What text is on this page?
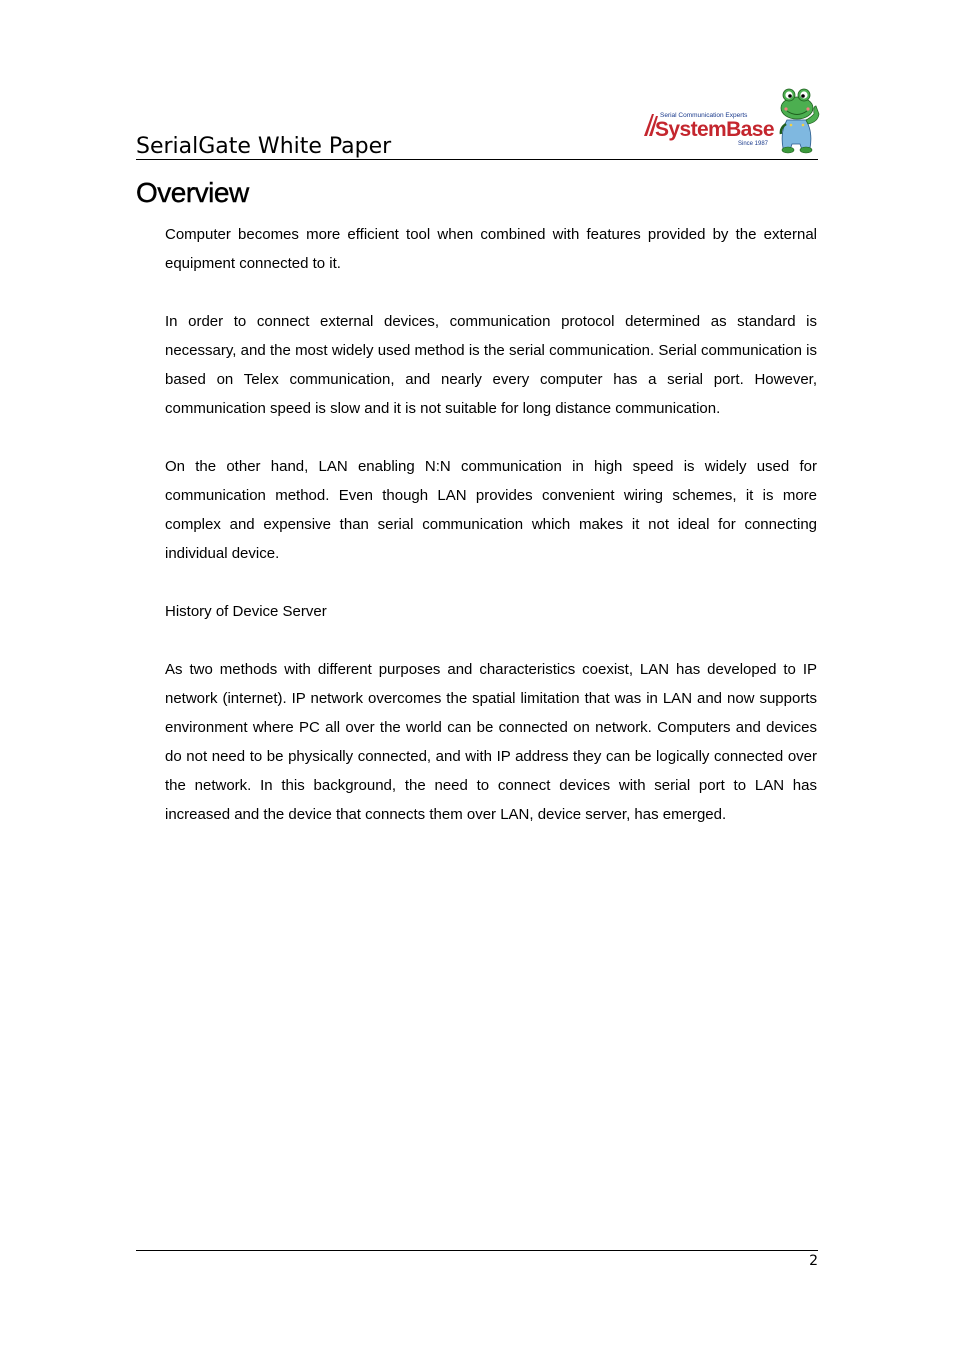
SerialGate White Paper
Serial Communication Experts
SystemBase
Since 1987
Overview

Computer becomes more efficient tool when combined with features provided by the external equipment connected to it.

In order to connect external devices, communication protocol determined as standard is necessary, and the most widely used method is the serial communication. Serial communication is based on Telex communication, and nearly every computer has a serial port. However, communication speed is slow and it is not suitable for long distance communication.

On the other hand, LAN enabling N:N communication in high speed is widely used for communication method. Even though LAN provides convenient wiring schemes, it is more complex and expensive than serial communication which makes it not ideal for connecting individual device.

History of Device Server

As two methods with different purposes and characteristics coexist, LAN has developed to IP network (internet). IP network overcomes the spatial limitation that was in LAN and now supports environment where PC all over the world can be connected on network. Computers and devices do not need to be physically connected, and with IP address they can be logically connected over the network. In this background, the need to connect devices with serial port to LAN has increased and the device that connects them over LAN, device server, has emerged.

2
